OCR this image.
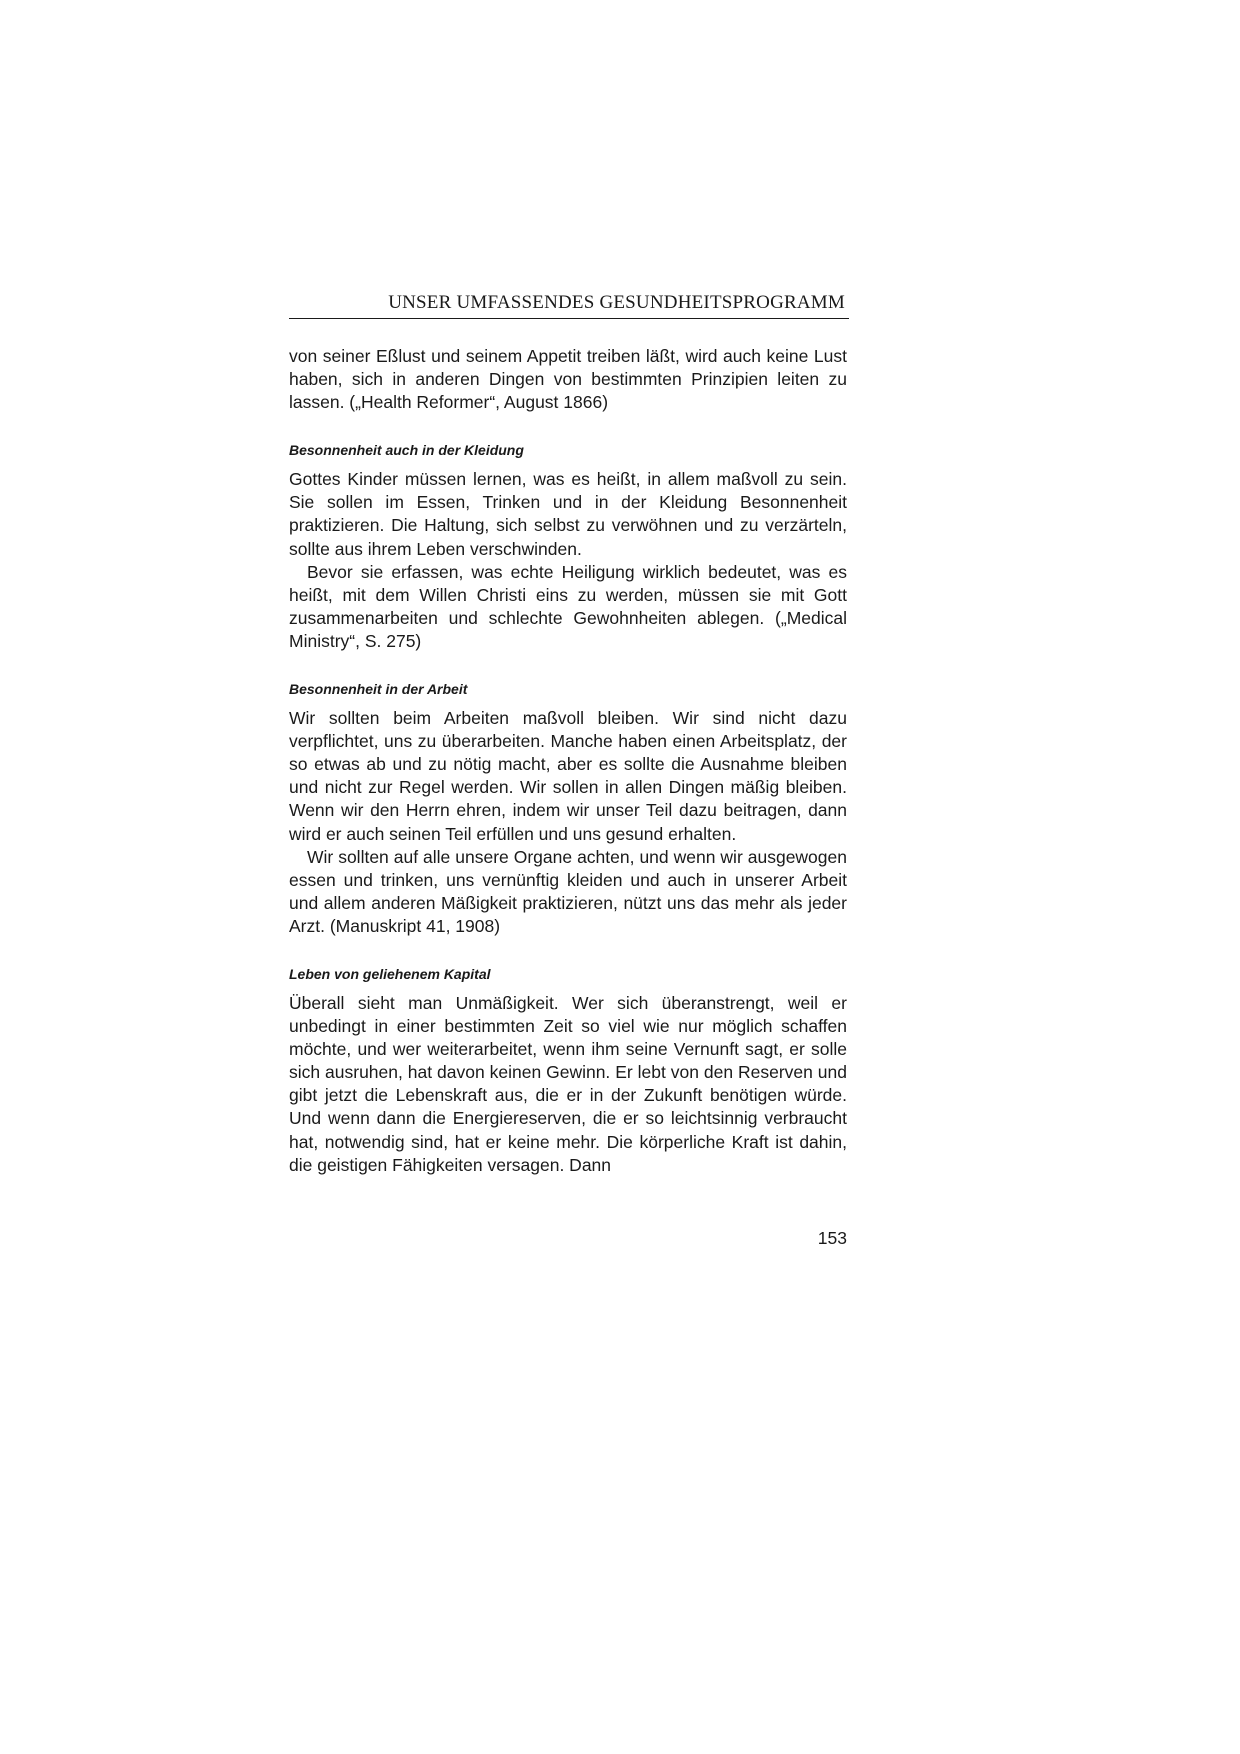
UNSER UMFASSENDES GESUNDHEITSPROGRAMM

von seiner Eßlust und seinem Appetit treiben läßt, wird auch keine Lust haben, sich in anderen Dingen von bestimmten Prinzipien leiten zu lassen. („Health Reformer“, August 1866)

Besonnenheit auch in der Kleidung

Gottes Kinder müssen lernen, was es heißt, in allem maßvoll zu sein. Sie sollen im Essen, Trinken und in der Kleidung Besonnenheit praktizieren. Die Haltung, sich selbst zu verwöhnen und zu verzärteln, sollte aus ihrem Leben verschwinden.

Bevor sie erfassen, was echte Heiligung wirklich bedeutet, was es heißt, mit dem Willen Christi eins zu werden, müssen sie mit Gott zusammenarbeiten und schlechte Gewohnheiten ablegen. („Medical Ministry“, S. 275)

Besonnenheit in der Arbeit

Wir sollten beim Arbeiten maßvoll bleiben. Wir sind nicht dazu verpflichtet, uns zu überarbeiten. Manche haben einen Arbeitsplatz, der so etwas ab und zu nötig macht, aber es sollte die Ausnahme bleiben und nicht zur Regel werden. Wir sollen in allen Dingen mäßig bleiben. Wenn wir den Herrn ehren, indem wir unser Teil dazu beitragen, dann wird er auch seinen Teil erfüllen und uns gesund erhalten.

Wir sollten auf alle unsere Organe achten, und wenn wir ausgewogen essen und trinken, uns vernünftig kleiden und auch in unserer Arbeit und allem anderen Mäßigkeit praktizieren, nützt uns das mehr als jeder Arzt. (Manuskript 41, 1908)

Leben von geliehenem Kapital

Überall sieht man Unmäßigkeit. Wer sich überanstrengt, weil er unbedingt in einer bestimmten Zeit so viel wie nur möglich schaffen möchte, und wer weiterarbeitet, wenn ihm seine Vernunft sagt, er solle sich ausruhen, hat davon keinen Gewinn. Er lebt von den Reserven und gibt jetzt die Lebenskraft aus, die er in der Zukunft benötigen würde. Und wenn dann die Energiereserven, die er so leichtsinnig verbraucht hat, notwendig sind, hat er keine mehr. Die körperliche Kraft ist dahin, die geistigen Fähigkeiten versagen. Dann

153
